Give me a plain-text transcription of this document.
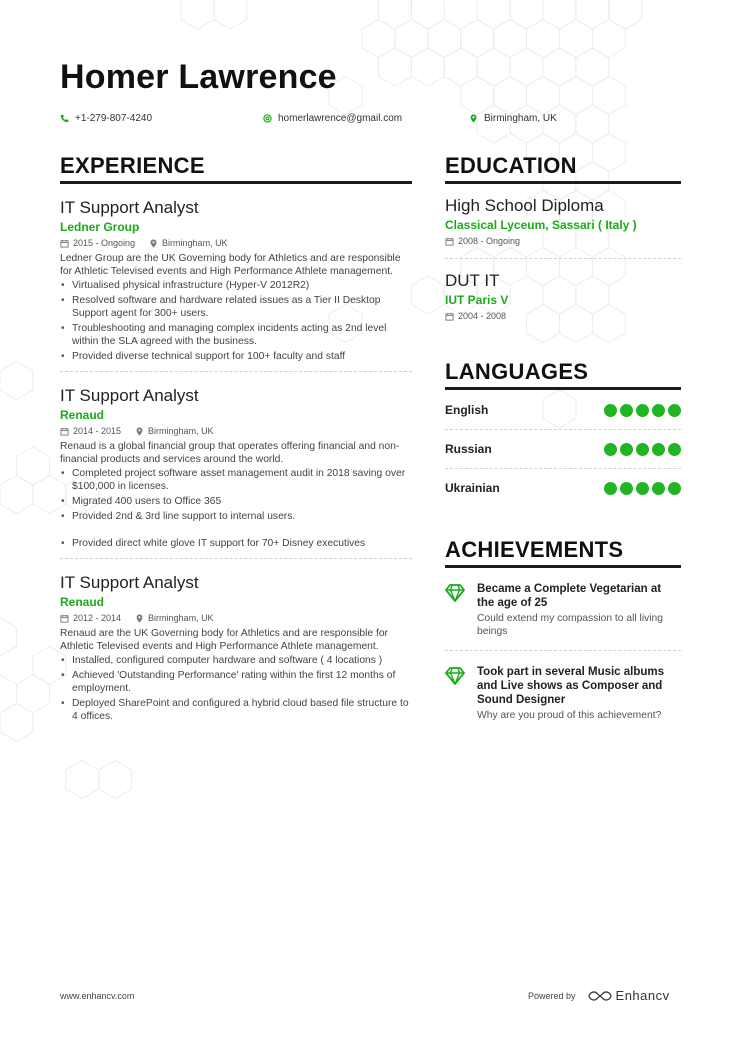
Homer Lawrence
+1-279-807-4240	homerlawrence@gmail.com	Birmingham, UK
EXPERIENCE
IT Support Analyst
Ledner Group
2015 - Ongoing	Birmingham, UK
Ledner Group are the UK Governing body for Athletics and are responsible for Athletic Televised events and High Performance Athlete management.
• Virtualised physical infrastructure (Hyper-V 2012R2)
• Resolved software and hardware related issues as a Tier II Desktop Support agent for 300+ users.
• Troubleshooting and managing complex incidents acting as 2nd level within the SLA agreed with the business.
• Provided diverse technical support for 100+ faculty and staff
IT Support Analyst
Renaud
2014 - 2015	Birmingham, UK
Renaud is a global financial group that operates offering financial and non-financial products and services around the world.
• Completed project software asset management audit in 2018 saving over $100,000 in licenses.
• Migrated 400 users to Office 365
• Provided 2nd & 3rd line support to internal users.
• Provided direct white glove IT support for 70+ Disney executives
IT Support Analyst
Renaud
2012 - 2014	Birmingham, UK
Renaud are the UK Governing body for Athletics and are responsible for Athletic Televised events and High Performance Athlete management.
• Installed, configured computer hardware and software ( 4 locations )
• Achieved 'Outstanding Performance' rating within the first 12 months of employment.
• Deployed SharePoint and configured a hybrid cloud based file structure to 4 offices.
EDUCATION
High School Diploma
Classical Lyceum, Sassari ( Italy )
2008 - Ongoing
DUT IT
IUT Paris V
2004 - 2008
LANGUAGES
English
Russian
Ukrainian
ACHIEVEMENTS
Became a Complete Vegetarian at the age of 25
Could extend my compassion to all living beings
Took part in several Music albums and Live shows as Composer and Sound Designer
Why are you proud of this achievement?
www.enhancv.com	Powered by	Enhancv
